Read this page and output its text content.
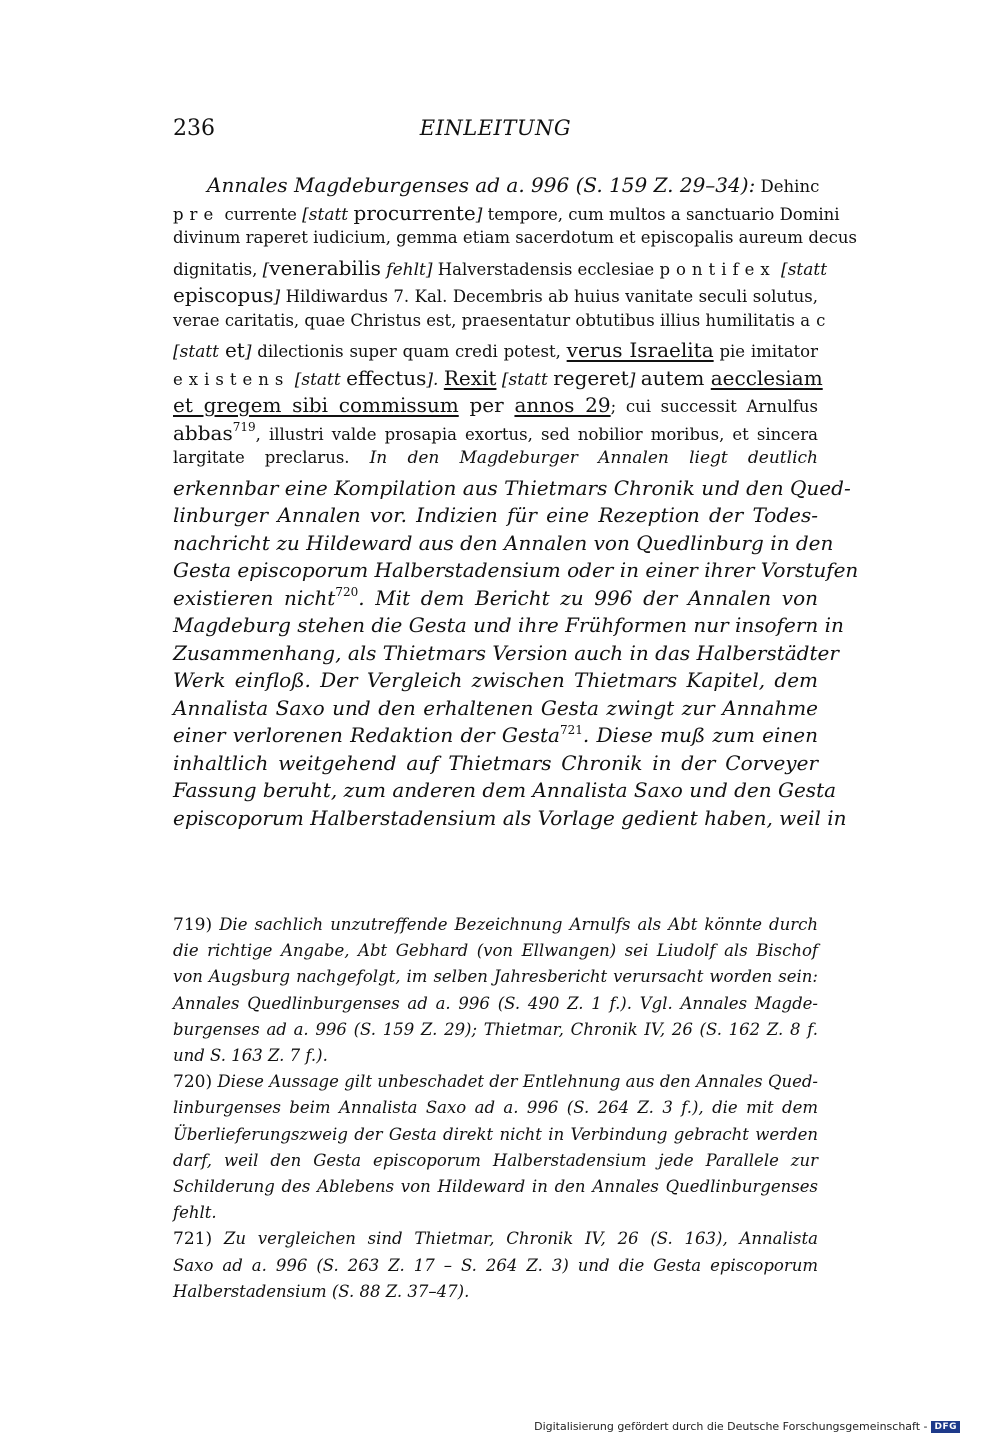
236	EINLEITUNG
Annales Magdeburgenses ad a. 996 (S. 159 Z. 29–34): Dehinc
pre currente [statt procurrente] tempore, cum multos a sanctuario Domini
divinum raperet iudicium, gemma etiam sacerdotum et episcopalis aureum decus
dignitatis, [venerabilis fehlt] Halverstadensis ecclesiae pontifex [statt
episcopus] Hildiwardus 7. Kal. Decembris ab huius vanitate seculi solutus,
verae caritatis, quae Christus est, praesentatur obtutibus illius humilitatis ac
[statt et] dilectionis super quam credi potest, verus Israelita pie imitator
existens [statt effectus]. Rexit [statt regeret] autem aecclesiam
et gregem sibi commissum per annos 29; cui successit Arnulfus
abbas$^{719}$, illustri valde prosapia exortus, sed nobilior moribus, et sincera
largitate preclarus. In den Magdeburger Annalen liegt deutlich
erkennbar eine Kompilation aus Thietmars Chronik und den Qued-
linburger Annalen vor. Indizien für eine Rezeption der Todes-
nachricht zu Hildeward aus den Annalen von Quedlinburg in den
Gesta episcoporum Halberstadensium oder in einer ihrer Vorstufen
existieren nicht$^{720}$. Mit dem Bericht zu 996 der Annalen von
Magdeburg stehen die Gesta und ihre Frühformen nur insofern in
Zusammenhang, als Thietmars Version auch in das Halberstädter
Werk einfloß. Der Vergleich zwischen Thietmars Kapitel, dem
Annalista Saxo und den erhaltenen Gesta zwingt zur Annahme
einer verlorenen Redaktion der Gesta$^{721}$. Diese muß zum einen
inhaltlich weitgehend auf Thietmars Chronik in der Corveyer
Fassung beruht, zum anderen dem Annalista Saxo und den Gesta
episcoporum Halberstadensium als Vorlage gedient haben, weil in
719) Die sachlich unzutreffende Bezeichnung Arnulfs als Abt könnte durch
die richtige Angabe, Abt Gebhard (von Ellwangen) sei Liudolf als Bischof
von Augsburg nachgefolgt, im selben Jahresbericht verursacht worden sein:
Annales Quedlinburgenses ad a. 996 (S. 490 Z. 1 f.). Vgl. Annales Magde-
burgenses ad a. 996 (S. 159 Z. 29); Thietmar, Chronik IV, 26 (S. 162 Z. 8 f.
und S. 163 Z. 7 f.).
720) Diese Aussage gilt unbeschadet der Entlehnung aus den Annales Qued-
linburgenses beim Annalista Saxo ad a. 996 (S. 264 Z. 3 f.), die mit dem
Überlieferungszweig der Gesta direkt nicht in Verbindung gebracht werden
darf, weil den Gesta episcoporum Halberstadensium jede Parallele zur
Schilderung des Ablebens von Hildeward in den Annales Quedlinburgenses
fehlt.
721) Zu vergleichen sind Thietmar, Chronik IV, 26 (S. 163), Annalista
Saxo ad a. 996 (S. 263 Z. 17 – S. 264 Z. 3) und die Gesta episcoporum
Halberstadensium (S. 88 Z. 37–47).
Digitalisierung gefördert durch die Deutsche Forschungsgemeinschaft - DFG
